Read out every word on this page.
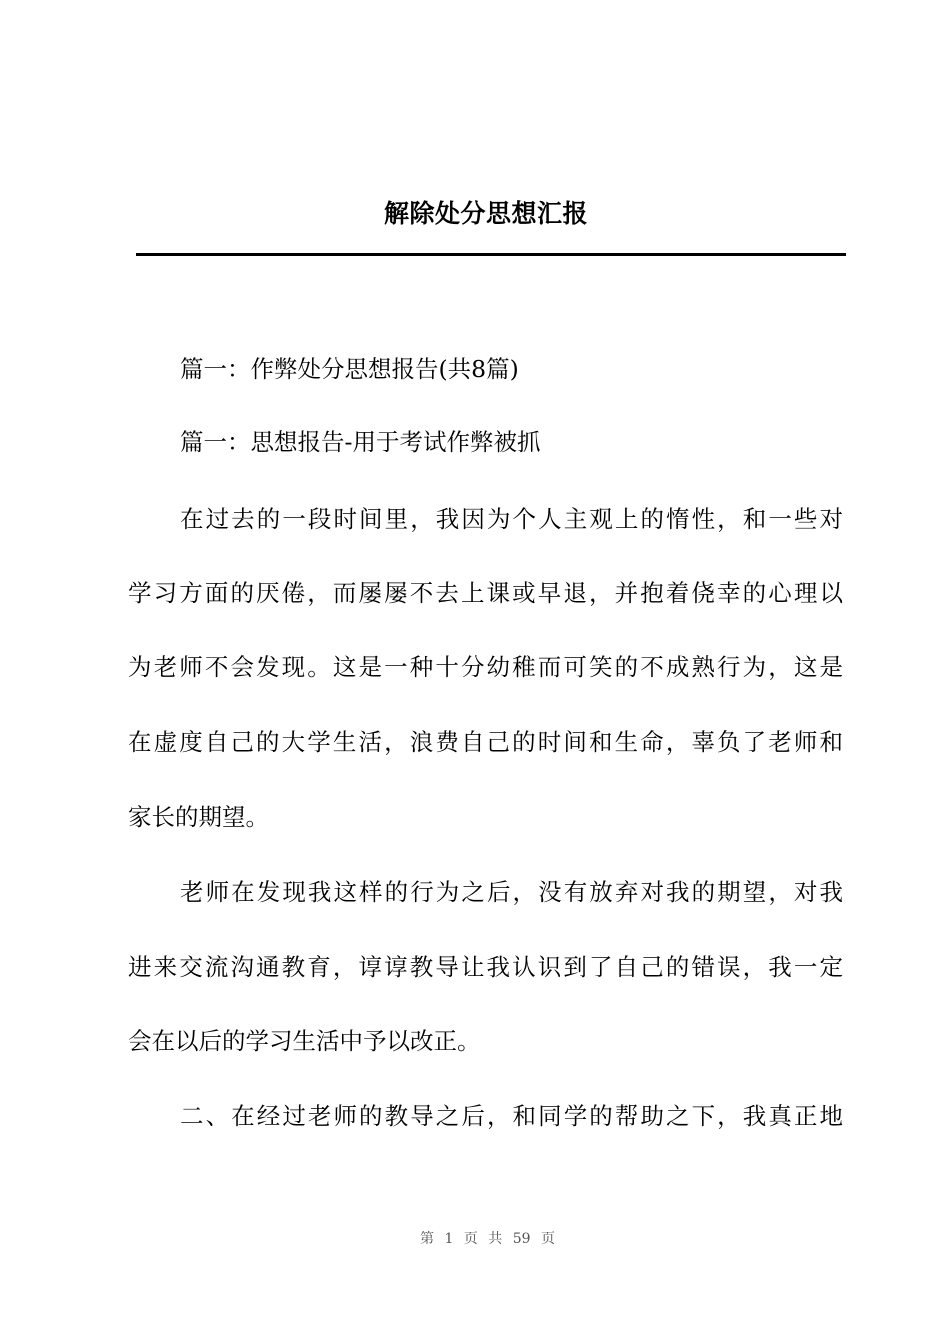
解除处分思想汇报
篇一：作弊处分思想报告(共8篇)
篇一：思想报告-用于考试作弊被抓
在过去的一段时间里，我因为个人主观上的惰性，和一些对
学习方面的厌倦，而屡屡不去上课或早退，并抱着侥幸的心理以
为老师不会发现。这是一种十分幼稚而可笑的不成熟行为，这是
在虚度自己的大学生活，浪费自己的时间和生命，辜负了老师和
家长的期望。
老师在发现我这样的行为之后，没有放弃对我的期望，对我
进来交流沟通教育，谆谆教导让我认识到了自己的错误，我一定
会在以后的学习生活中予以改正。
二、在经过老师的教导之后，和同学的帮助之下，我真正地
第 1 页 共 59 页
